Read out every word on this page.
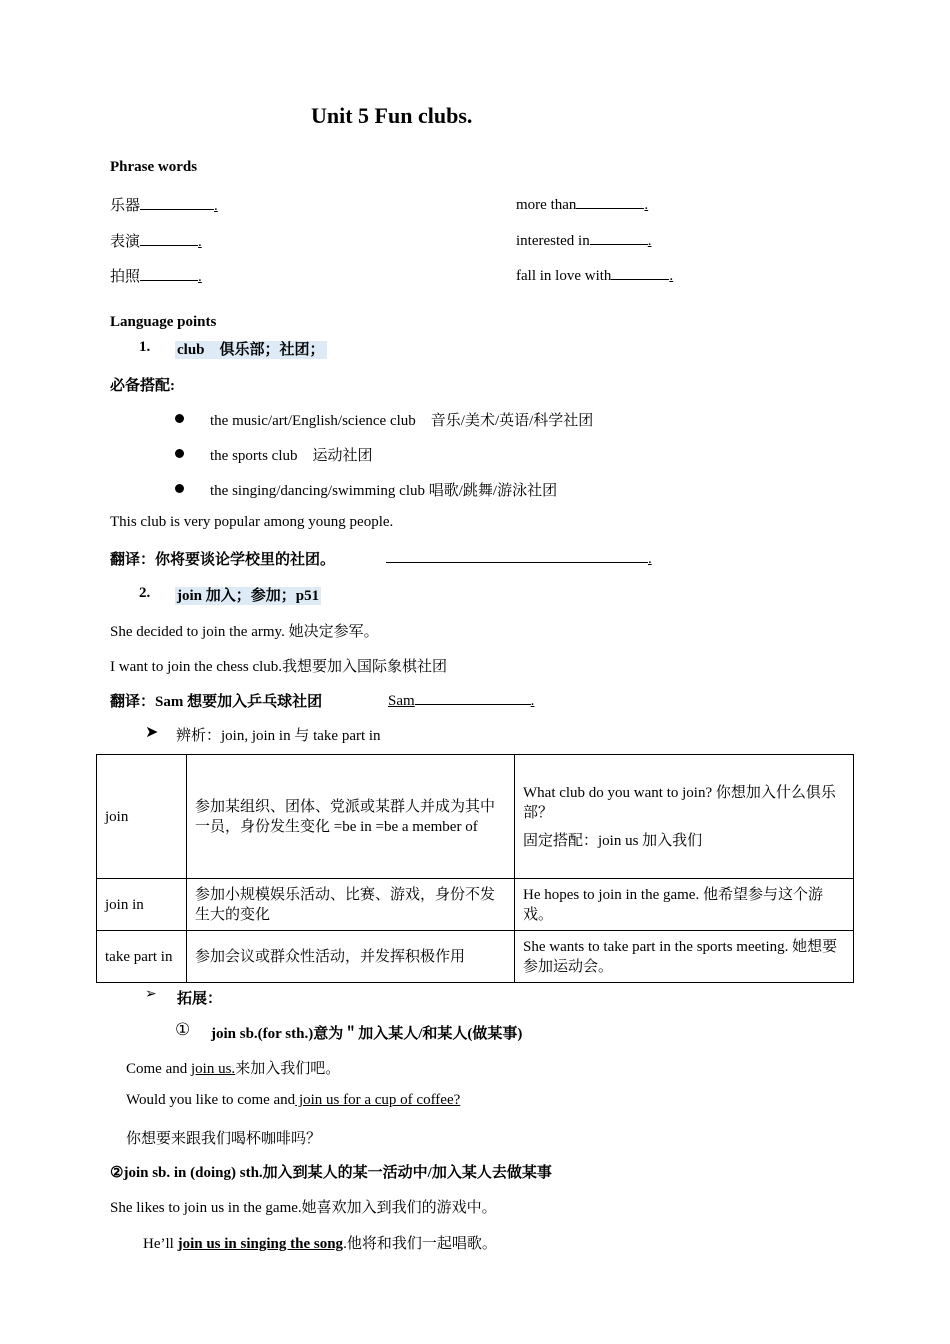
Unit 5 Fun clubs.
Phrase words
乐器	.
表演	.
拍照	.
more than	.
interested in	.
fall in love with	.
Language points
1. club　俱乐部；社团；
必备搭配:
the music/art/English/science club　音乐/美术/英语/科学社团
the sports club　运动社团
the singing/dancing/swimming club 唱歌/跳舞/游泳社团
This club is very popular among young people.
翻译：你将要谈论学校里的社团。	.
2. join 加入；参加；p51
She decided to join the army. 她决定参军。
I want to join the chess club.我想要加入国际象棋社团
翻译：Sam 想要加入乒乓球社团	Sam	.
➤ 辨析：join, join in 与 take part in
join	参加某组织、团体、党派或某群人并成为其中一员，身份发生变化 =be in =be a member of	What club do you want to join? 你想加入什么俱乐部？

固定搭配：join us 加入我们

join in	参加小规模娱乐活动、比赛、游戏，身份不发生大的变化	He hopes to join in the game. 他希望参与这个游戏。
take part in	参加会议或群众性活动，并发挥积极作用	She wants to take part in the sports meeting. 她想要参加运动会。
➢ 拓展：
① join sb.(for sth.)意为＂加入某人/和某人(做某事)
Come and join us.来加入我们吧。
Would you like to come and join us for a cup of coffee?
你想要来跟我们喝杯咖啡吗？
②join sb. in (doing) sth.加入到某人的某一活动中/加入某人去做某事
She likes to join us in the game.她喜欢加入到我们的游戏中。
He’ll join us in singing the song.他将和我们一起唱歌。
